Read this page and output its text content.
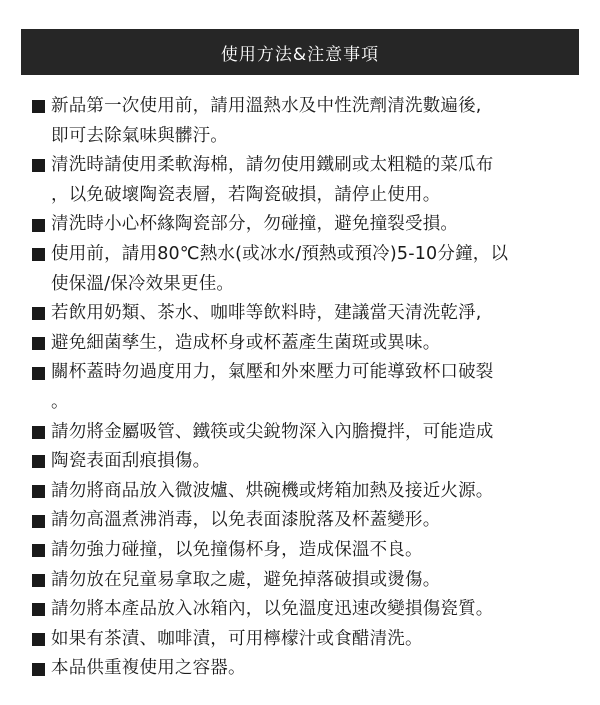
使用方法&注意事項
新品第一次使用前，請用溫熱水及中性洗劑清洗數遍後,
即可去除氣味與髒汙。
清洗時請使用柔軟海棉，請勿使用鐵刷或太粗糙的菜瓜布
，以免破壞陶瓷表層，若陶瓷破損，請停止使用。
清洗時小心杯緣陶瓷部分，勿碰撞，避免撞裂受損。
使用前，請用80℃熱水(或冰水/預熱或預冷)5-10分鐘，以
使保溫/保冷效果更佳。
若飲用奶類、茶水、咖啡等飲料時，建議當天清洗乾淨,
避免細菌孳生，造成杯身或杯蓋產生菌斑或異味。
關杯蓋時勿過度用力，氣壓和外來壓力可能導致杯口破裂
。
請勿將金屬吸管、鐵筷或尖銳物深入內膽攪拌，可能造成
陶瓷表面刮痕損傷。
請勿將商品放入微波爐、烘碗機或烤箱加熱及接近火源。
請勿高溫煮沸消毒，以免表面漆脫落及杯蓋變形。
請勿強力碰撞，以免撞傷杯身，造成保溫不良。
請勿放在兒童易拿取之處，避免掉落破損或燙傷。
請勿將本產品放入冰箱內，以免溫度迅速改變損傷瓷質。
如果有茶漬、咖啡漬，可用檸檬汁或食醋清洗。
本品供重複使用之容器。
